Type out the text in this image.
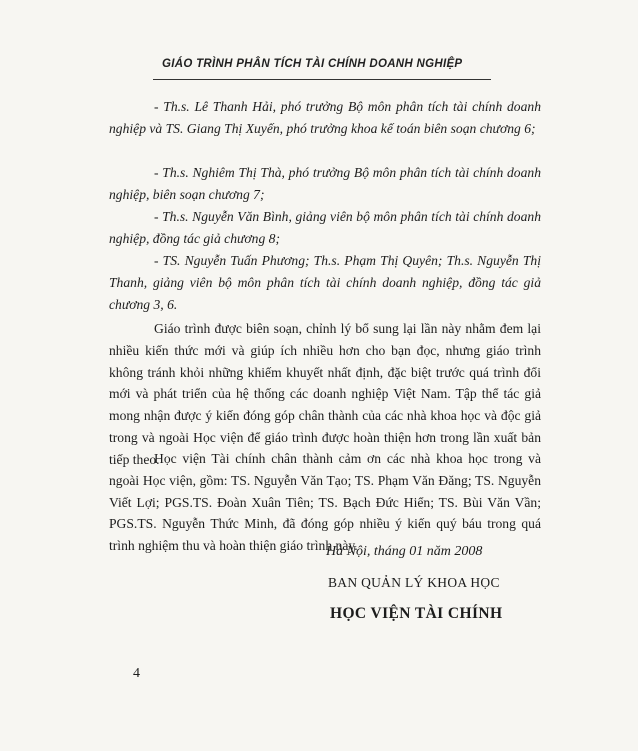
GIÁO TRÌNH PHÂN TÍCH TÀI CHÍNH DOANH NGHIỆP
- Th.s. Lê Thanh Hải, phó trưởng Bộ môn phân tích tài chính doanh nghiệp và TS. Giang Thị Xuyến, phó trưởng khoa kế toán biên soạn chương 6;
- Th.s. Nghiêm Thị Thà, phó trưởng Bộ môn phân tích tài chính doanh nghiệp, biên soạn chương 7;
- Th.s. Nguyễn Văn Bình, giảng viên bộ môn phân tích tài chính doanh nghiệp, đồng tác giả chương 8;
- TS. Nguyễn Tuấn Phương; Th.s. Phạm Thị Quyên; Th.s. Nguyễn Thị Thanh, giảng viên bộ môn phân tích tài chính doanh nghiệp, đồng tác giả chương 3, 6.
Giáo trình được biên soạn, chỉnh lý bổ sung lại lần này nhằm đem lại nhiều kiến thức mới và giúp ích nhiều hơn cho bạn đọc, nhưng giáo trình không tránh khỏi những khiếm khuyết nhất định, đặc biệt trước quá trình đổi mới và phát triển của hệ thống các doanh nghiệp Việt Nam. Tập thể tác giả mong nhận được ý kiến đóng góp chân thành của các nhà khoa học và độc giả trong và ngoài Học viện để giáo trình được hoàn thiện hơn trong lần xuất bản tiếp theo.
Học viện Tài chính chân thành cảm ơn các nhà khoa học trong và ngoài Học viện, gồm: TS. Nguyễn Văn Tạo; TS. Phạm Văn Đăng; TS. Nguyễn Viết Lợi; PGS.TS. Đoàn Xuân Tiên; TS. Bạch Đức Hiển; TS. Bùi Văn Vần; PGS.TS. Nguyễn Thức Minh, đã đóng góp nhiều ý kiến quý báu trong quá trình nghiệm thu và hoàn thiện giáo trình này.
Hà Nội, tháng 01 năm 2008
BAN QUẢN LÝ KHOA HỌC
HỌC VIỆN TÀI CHÍNH
4
